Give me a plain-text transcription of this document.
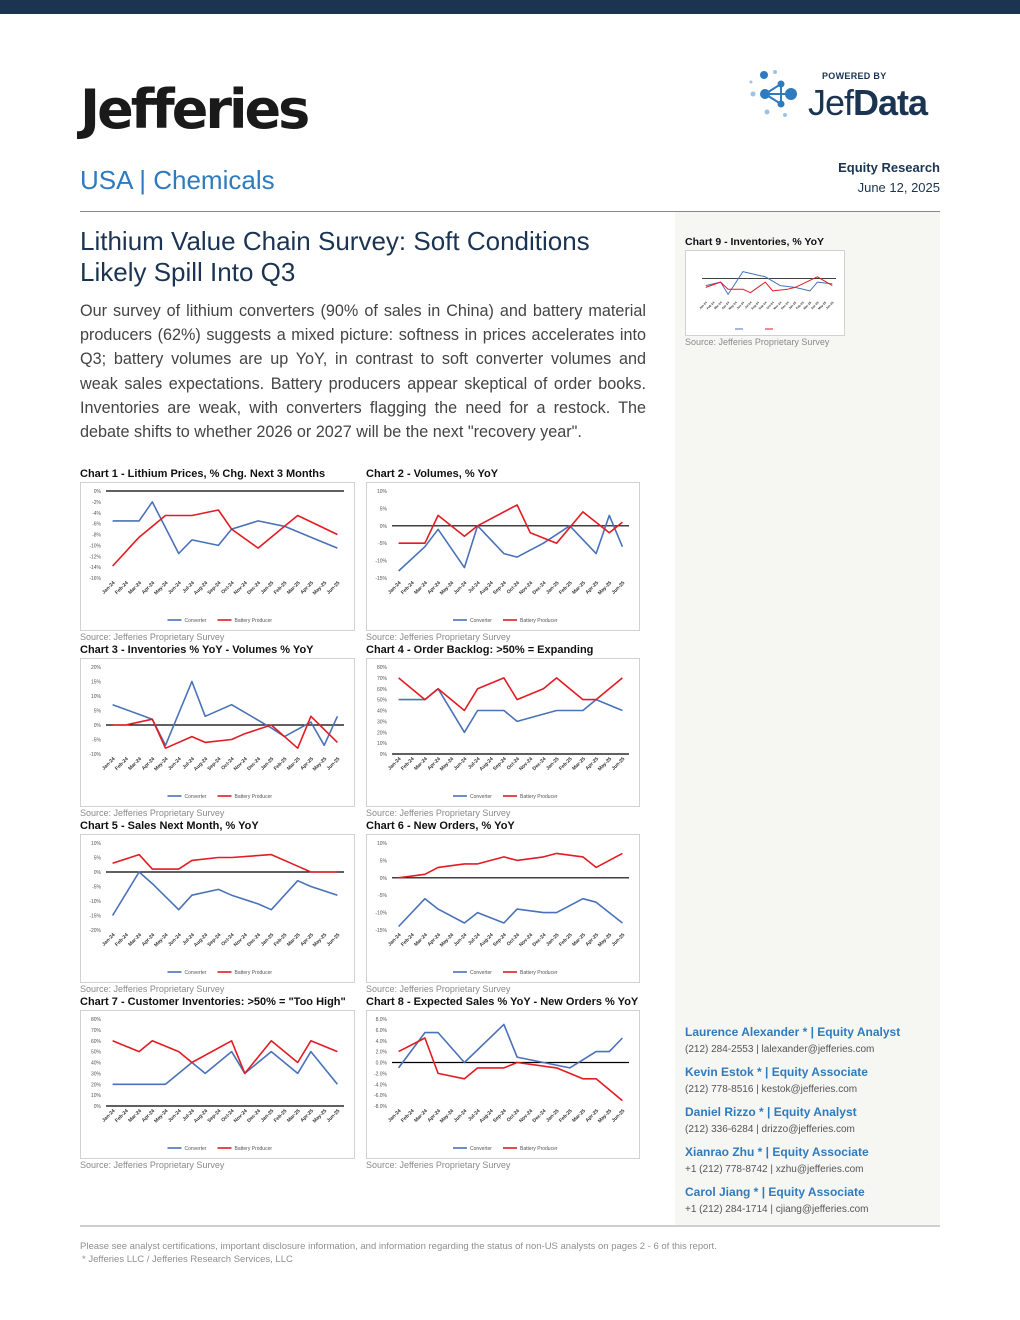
Jefferies
POWERED BY
JefData
USA | Chemicals	Equity Research
June 12, 2025
Lithium Value Chain Survey: Soft Conditions Likely Spill Into Q3

Our survey of lithium converters (90% of sales in China) and battery material producers (62%) suggests a mixed picture: softness in prices accelerates into Q3; battery volumes are up YoY, in contrast to soft converter volumes and weak sales expectations. Battery producers appear skeptical of order books. Inventories are weak, with converters flagging the need for a restock. The debate shifts to whether 2026 or 2027 will be the next "recovery year".

Chart 1 - Lithium Prices, % Chg. Next 3 Months
0%
-2%
-4%
-6%
-8%
-10%
-12%
-14%
-16%
Jan-24
Feb-24
Mar-24
Apr-24
May-24
Jun-24
Jul-24
Aug-24
Sep-24
Oct-24
Nov-24
Dec-24
Jan-25
Feb-25
Mar-25
Apr-25
May-25
Jun-25
Converter	Battery Producer
Source: Jefferies Proprietary Survey
Chart 2 - Volumes, % YoY
10%
5%
0%
-5%
-10%
-15%
Jan-24
Feb-24
Mar-24
Apr-24
May-24
Jun-24
Jul-24
Aug-24
Sep-24
Oct-24
Nov-24
Dec-24
Jan-25
Feb-25
Mar-25
Apr-25
May-25
Jun-25
Converter	Battery Producer
Source: Jefferies Proprietary Survey
Chart 3 - Inventories % YoY - Volumes % YoY
20%
15%
10%
5%
0%
-5%
-10%
Jan-24
Feb-24
Mar-24
Apr-24
May-24
Jun-24
Jul-24
Aug-24
Sep-24
Oct-24
Nov-24
Dec-24
Jan-25
Feb-25
Mar-25
Apr-25
May-25
Jun-25
Converter	Battery Producer
Source: Jefferies Proprietary Survey
Chart 4 - Order Backlog: >50% = Expanding
80%
70%
60%
50%
40%
30%
20%
10%
0%
Jan-24
Feb-24
Mar-24
Apr-24
May-24
Jun-24
Jul-24
Aug-24
Sep-24
Oct-24
Nov-24
Dec-24
Jan-25
Feb-25
Mar-25
Apr-25
May-25
Jun-25
Converter	Battery Producer
Source: Jefferies Proprietary Survey
Chart 5 - Sales Next Month, % YoY
10%
5%
0%
-5%
-10%
-15%
-20%
Jan-24
Feb-24
Mar-24
Apr-24
May-24
Jun-24
Jul-24
Aug-24
Sep-24
Oct-24
Nov-24
Dec-24
Jan-25
Feb-25
Mar-25
Apr-25
May-25
Jun-25
Converter	Battery Producer
Source: Jefferies Proprietary Survey
Chart 6 - New Orders, % YoY
10%
5%
0%
-5%
-10%
-15%
Jan-24
Feb-24
Mar-24
Apr-24
May-24
Jun-24
Jul-24
Aug-24
Sep-24
Oct-24
Nov-24
Dec-24
Jan-25
Feb-25
Mar-25
Apr-25
May-25
Jun-25
Converter	Battery Producer
Source: Jefferies Proprietary Survey
Chart 7 - Customer Inventories: >50% = "Too High"
80%
70%
60%
50%
40%
30%
20%
10%
0%
Jan-24
Feb-24
Mar-24
Apr-24
May-24
Jun-24
Jul-24
Aug-24
Sep-24
Oct-24
Nov-24
Dec-24
Jan-25
Feb-25
Mar-25
Apr-25
May-25
Jun-25
Converter	Battery Producer
Source: Jefferies Proprietary Survey
Chart 8 - Expected Sales % YoY - New Orders % YoY
8.0%
6.0%
4.0%
2.0%
0.0%
-2.0%
-4.0%
-6.0%
-8.0%
Jan-24
Feb-24
Mar-24
Apr-24
May-24
Jun-24
Jul-24
Aug-24
Sep-24
Oct-24
Nov-24
Dec-24
Jan-25
Feb-25
Mar-25
Apr-25
May-25
Jun-25
Converter	Battery Producer
Source: Jefferies Proprietary Survey
Chart 9 - Inventories, % YoY
Jan-24
Feb-24
Mar-24
Apr-24
May-24
Jun-24
Jul-24
Aug-24
Sep-24
Oct-24
Nov-24
Dec-24
Jan-25
Feb-25
Mar-25
Apr-25
May-25
Jun-25
Source: Jefferies Proprietary Survey
Laurence Alexander * | Equity Analyst
(212) 284-2553 | lalexander@jefferies.com
Kevin Estok * | Equity Associate
(212) 778-8516 | kestok@jefferies.com
Daniel Rizzo * | Equity Analyst
(212) 336-6284 | drizzo@jefferies.com
Xianrao Zhu * | Equity Associate
+1 (212) 778-8742 | xzhu@jefferies.com
Carol Jiang * | Equity Associate
+1 (212) 284-1714 | cjiang@jefferies.com
Please see analyst certifications, important disclosure information, and information regarding the status of non-US analysts on pages 2 - 6 of this report.
* Jefferies LLC / Jefferies Research Services, LLC
